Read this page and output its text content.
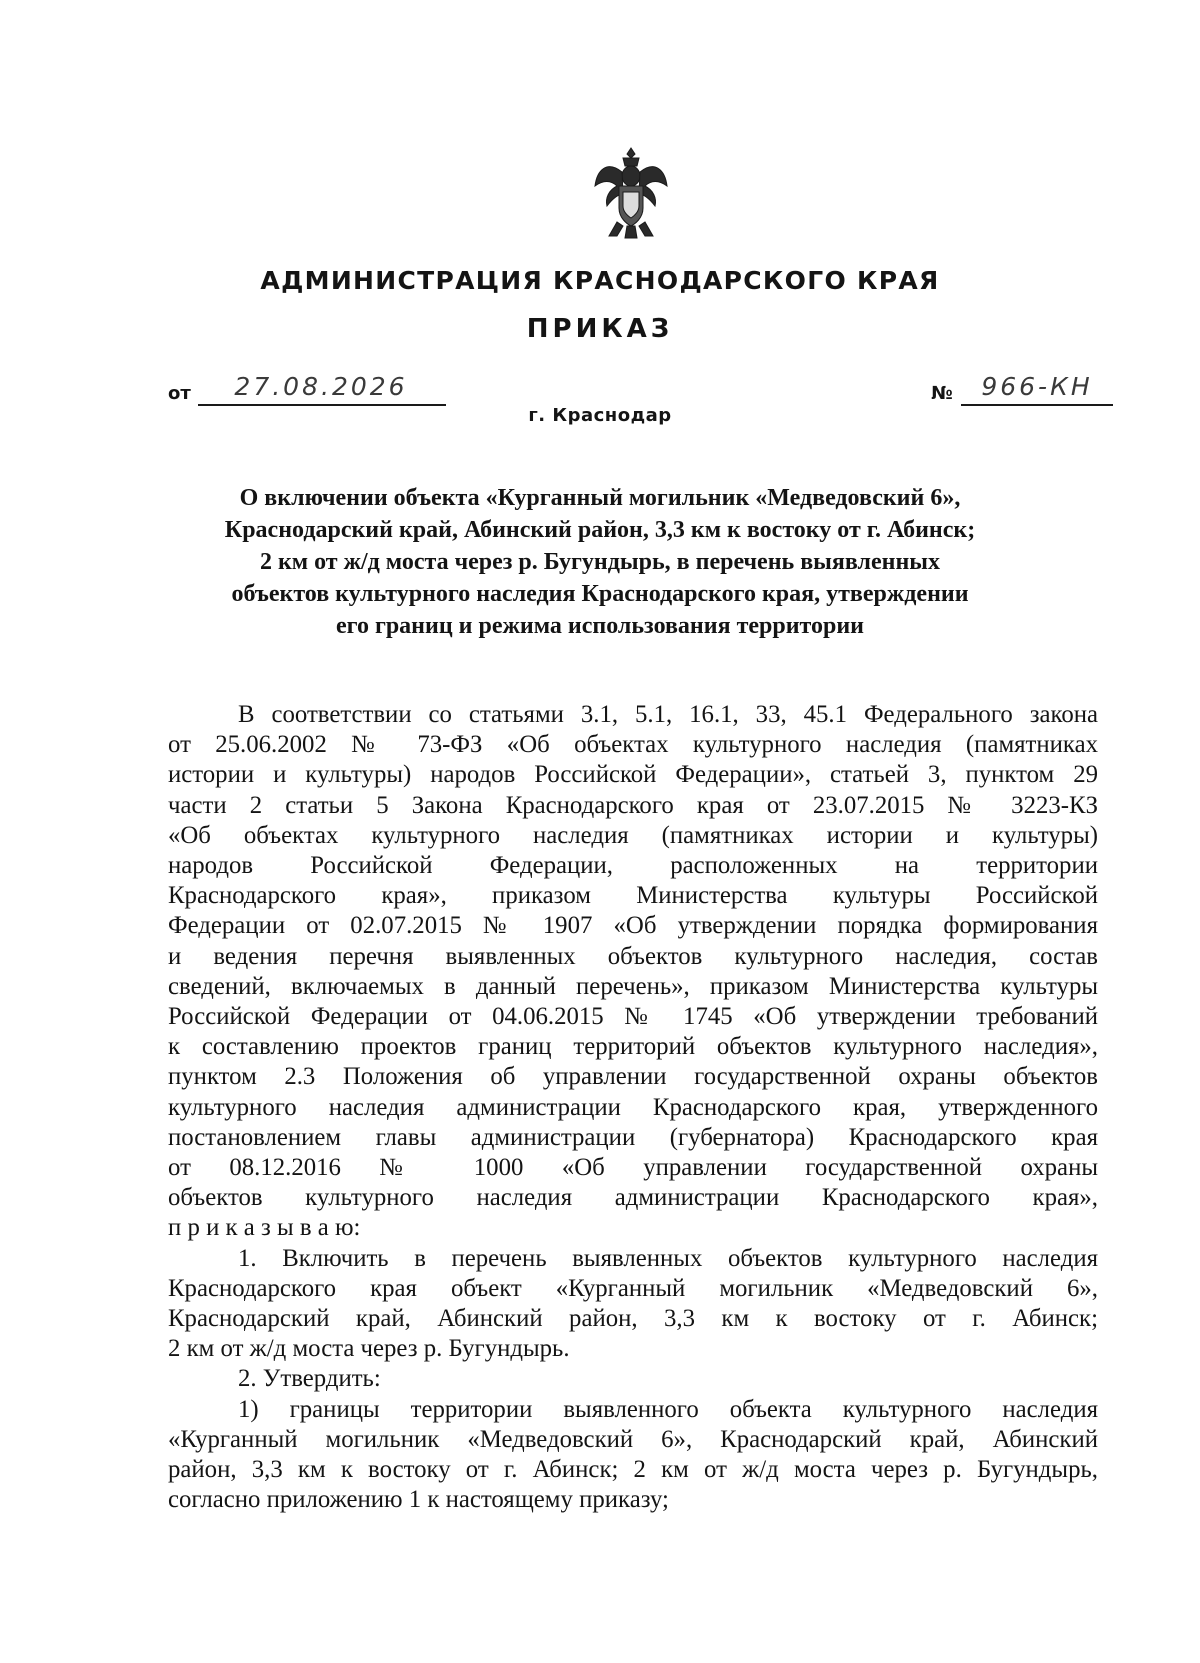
АДМИНИСТРАЦИЯ КРАСНОДАРСКОГО КРАЯ
ПРИКАЗ
от	27.08.2026
г. Краснодар
№	966-КН
О включении объекта «Курганный могильник «Медведовский 6»,
Краснодарский край, Абинский район, 3,3 км к востоку от г. Абинск;
2 км от ж/д моста через р. Бугундырь, в перечень выявленных
объектов культурного наследия Краснодарского края, утверждении
его границ и режима использования территории
В соответствии со статьями 3.1, 5.1, 16.1, 33, 45.1 Федерального закона
от 25.06.2002 № 73-ФЗ «Об объектах культурного наследия (памятниках
истории и культуры) народов Российской Федерации», статьей 3, пунктом 29
части 2 статьи 5 Закона Краснодарского края от 23.07.2015 № 3223-КЗ
«Об объектах культурного наследия (памятниках истории и культуры)
народов Российской Федерации, расположенных на территории
Краснодарского края», приказом Министерства культуры Российской
Федерации от 02.07.2015 № 1907 «Об утверждении порядка формирования
и ведения перечня выявленных объектов культурного наследия, состав
сведений, включаемых в данный перечень», приказом Министерства культуры
Российской Федерации от 04.06.2015 № 1745 «Об утверждении требований
к составлению проектов границ территорий объектов культурного наследия»,
пунктом 2.3 Положения об управлении государственной охраны объектов
культурного наследия администрации Краснодарского края, утвержденного
постановлением главы администрации (губернатора) Краснодарского края
от 08.12.2016 № 1000 «Об управлении государственной охраны
объектов культурного наследия администрации Краснодарского края»,
п р и к а з ы в а ю:
1. Включить в перечень выявленных объектов культурного наследия
Краснодарского края объект «Курганный могильник «Медведовский 6»,
Краснодарский край, Абинский район, 3,3 км к востоку от г. Абинск;
2 км от ж/д моста через р. Бугундырь.
2. Утвердить:
1) границы территории выявленного объекта культурного наследия
«Курганный могильник «Медведовский 6», Краснодарский край, Абинский
район, 3,3 км к востоку от г. Абинск; 2 км от ж/д моста через р. Бугундырь,
согласно приложению 1 к настоящему приказу;
